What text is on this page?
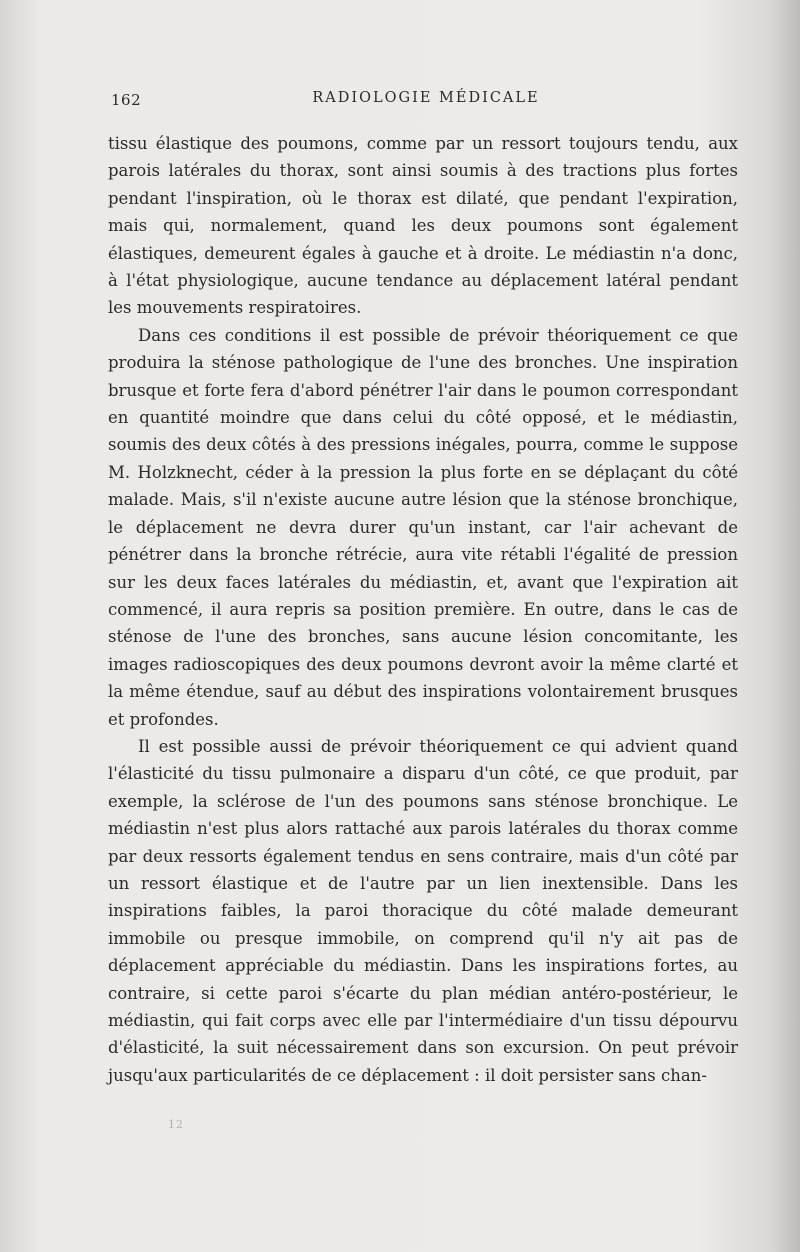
162	RADIOLOGIE MÉDICALE

tissu élastique des poumons, comme par un ressort toujours tendu, aux parois latérales du thorax, sont ainsi soumis à des tractions plus fortes pendant l'inspiration, où le thorax est dilaté, que pendant l'expiration, mais qui, normalement, quand les deux poumons sont également élastiques, demeurent égales à gauche et à droite. Le médiastin n'a donc, à l'état physiologique, aucune tendance au déplacement latéral pendant les mouvements respiratoires.

Dans ces conditions il est possible de prévoir théoriquement ce que produira la sténose pathologique de l'une des bronches. Une inspiration brusque et forte fera d'abord pénétrer l'air dans le poumon correspondant en quantité moindre que dans celui du côté opposé, et le médiastin, soumis des deux côtés à des pressions inégales, pourra, comme le suppose M. Holzknecht, céder à la pression la plus forte en se déplaçant du côté malade. Mais, s'il n'existe aucune autre lésion que la sténose bronchique, le déplacement ne devra durer qu'un instant, car l'air achevant de pénétrer dans la bronche rétrécie, aura vite rétabli l'égalité de pression sur les deux faces latérales du médiastin, et, avant que l'expiration ait commencé, il aura repris sa position première. En outre, dans le cas de sténose de l'une des bronches, sans aucune lésion concomitante, les images radioscopiques des deux poumons devront avoir la même clarté et la même étendue, sauf au début des inspirations volontairement brusques et profondes.

Il est possible aussi de prévoir théoriquement ce qui advient quand l'élasticité du tissu pulmonaire a disparu d'un côté, ce que produit, par exemple, la sclérose de l'un des poumons sans sténose bronchique. Le médiastin n'est plus alors rattaché aux parois latérales du thorax comme par deux ressorts également tendus en sens contraire, mais d'un côté par un ressort élastique et de l'autre par un lien inextensible. Dans les inspirations faibles, la paroi thoracique du côté malade demeurant immobile ou presque immobile, on comprend qu'il n'y ait pas de déplacement appréciable du médiastin. Dans les inspirations fortes, au contraire, si cette paroi s'écarte du plan médian antéro-postérieur, le médiastin, qui fait corps avec elle par l'intermédiaire d'un tissu dépourvu d'élasticité, la suit nécessairement dans son excursion. On peut prévoir jusqu'aux particularités de ce déplacement : il doit persister sans chan-

12
